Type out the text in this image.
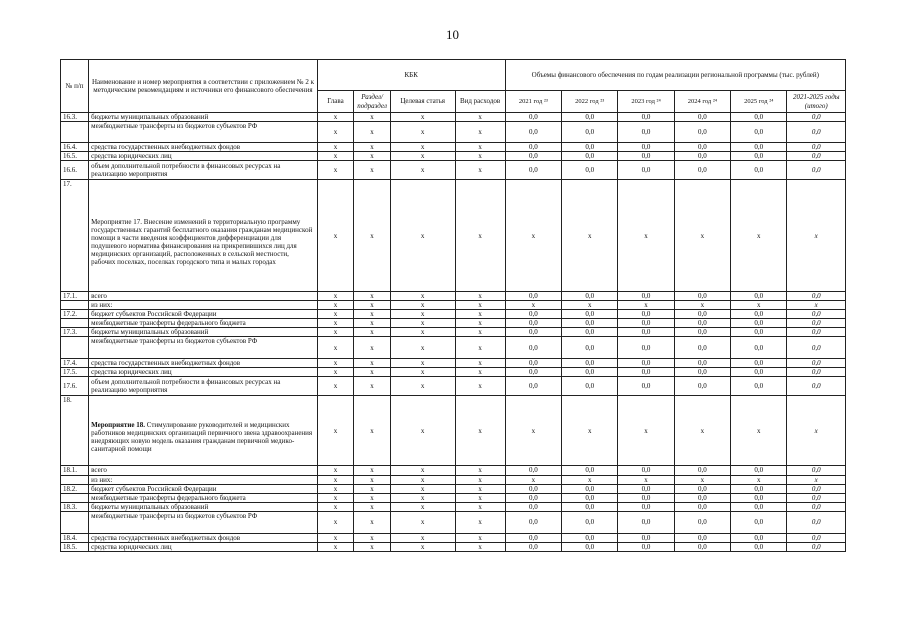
10
№ п/п	Наименование и номер мероприятия в соответствии с приложением № 2 к методическим рекомендациям и источники его финансового обеспечения	КБК				Объемы финансового обеспечения по годам реализации региональной программы (тыс. рублей)					
		Глава	Раздел/ подраздел	Целевая статья	Вид расходов	2021 год ²³	2022 год ²³	2023 год ²⁴	2024 год ²⁴	2025 год ²⁴	2021-2025 годы (итого)
16.3.	бюджеты муниципальных образований	x	x	x	x	0,0	0,0	0,0	0,0	0,0	0,0
	межбюджетные трансферты из бюджетов субъектов РФ	x	x	x	x	0,0	0,0	0,0	0,0	0,0	0,0
16.4.	средства государственных внебюджетных фондов	x	x	x	x	0,0	0,0	0,0	0,0	0,0	0,0
16.5.	средства юридических лиц	x	x	x	x	0,0	0,0	0,0	0,0	0,0	0,0
16.6.	объем дополнительной потребности в финансовых ресурсах на реализацию мероприятия	x	x	x	x	0,0	0,0	0,0	0,0	0,0	0,0
17.	Мероприятие 17. Внесение изменений в территориальную программу государственных гарантий бесплатного оказания гражданам медицинской помощи в части введения коэффициентов дифференциации для подушевого норматива финансирования на прикрепившихся лиц для медицинских организаций, расположенных в сельской местности, рабочих поселках, поселках городского типа и малых городах	x	x	x	x	x	x	x	x	x	x
17.1.	всего	x	x	x	x	0,0	0,0	0,0	0,0	0,0	0,0
	из них:	x	x	x	x	x	x	x	x	x	x
17.2.	бюджет субъектов Российской Федерации	x	x	x	x	0,0	0,0	0,0	0,0	0,0	0,0
	межбюджетные трансферты федерального бюджета	x	x	x	x	0,0	0,0	0,0	0,0	0,0	0,0
17.3.	бюджеты муниципальных образований	x	x	x	x	0,0	0,0	0,0	0,0	0,0	0,0
	межбюджетные трансферты из бюджетов субъектов РФ	x	x	x	x	0,0	0,0	0,0	0,0	0,0	0,0
17.4.	средства государственных внебюджетных фондов	x	x	x	x	0,0	0,0	0,0	0,0	0,0	0,0
17.5.	средства юридических лиц	x	x	x	x	0,0	0,0	0,0	0,0	0,0	0,0
17.6.	объем дополнительной потребности в финансовых ресурсах на реализацию мероприятия	x	x	x	x	0,0	0,0	0,0	0,0	0,0	0,0
18.	Мероприятие 18. Стимулирование руководителей и медицинских работников медицинских организаций первичного звена здравоохранения внедряющих новую модель оказания гражданам первичной медико-санитарной помощи	x	x	x	x	x	x	x	x	x	x
18.1.	всего	x	x	x	x	0,0	0,0	0,0	0,0	0,0	0,0
	из них:	x	x	x	x	x	x	x	x	x	x
18.2.	бюджет субъектов Российской Федерации	x	x	x	x	0,0	0,0	0,0	0,0	0,0	0,0
	межбюджетные трансферты федерального бюджета	x	x	x	x	0,0	0,0	0,0	0,0	0,0	0,0
18.3.	бюджеты муниципальных образований	x	x	x	x	0,0	0,0	0,0	0,0	0,0	0,0
	межбюджетные трансферты из бюджетов субъектов РФ	x	x	x	x	0,0	0,0	0,0	0,0	0,0	0,0
18.4.	средства государственных внебюджетных фондов	x	x	x	x	0,0	0,0	0,0	0,0	0,0	0,0
18.5.	средства юридических лиц	x	x	x	x	0,0	0,0	0,0	0,0	0,0	0,0
